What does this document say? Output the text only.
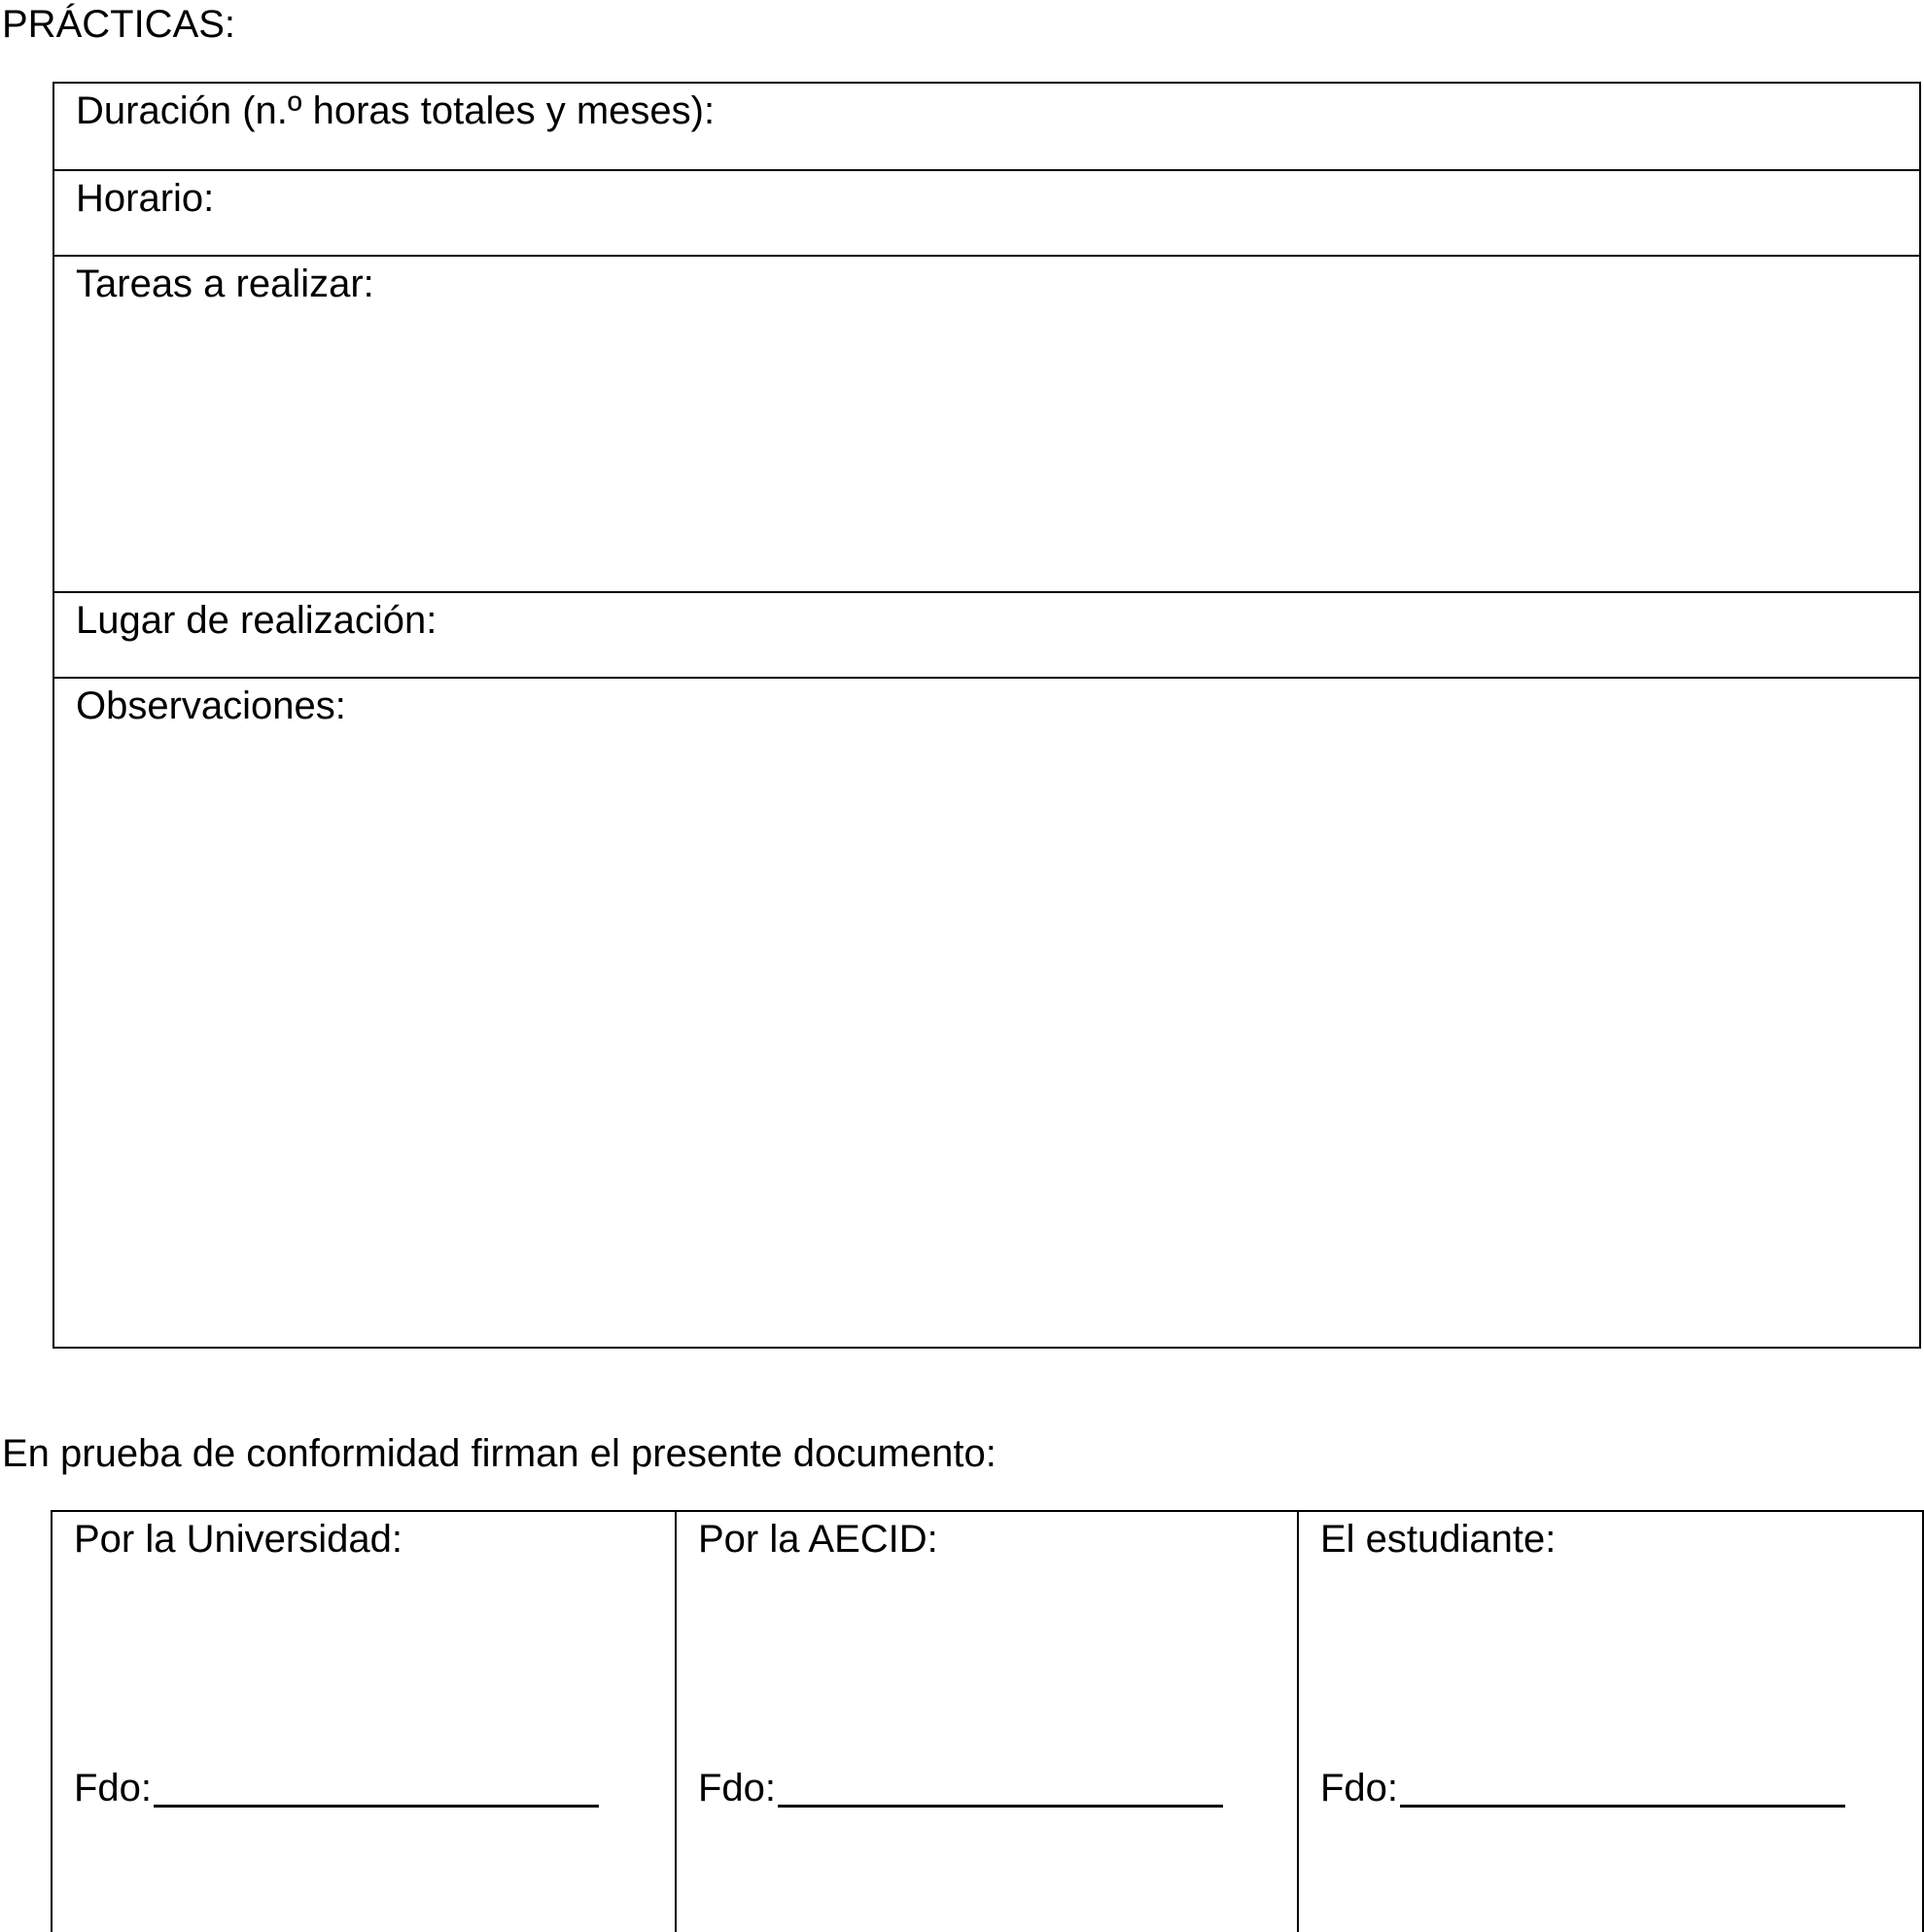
PRÁCTICAS:
Duración (n.º horas totales y meses):
Horario:
Tareas a realizar:
Lugar de realización:
Observaciones:
En prueba de conformidad firman el presente documento:
Por la Universidad:
Fdo:
Por la AECID:
Fdo:
El estudiante:
Fdo:
